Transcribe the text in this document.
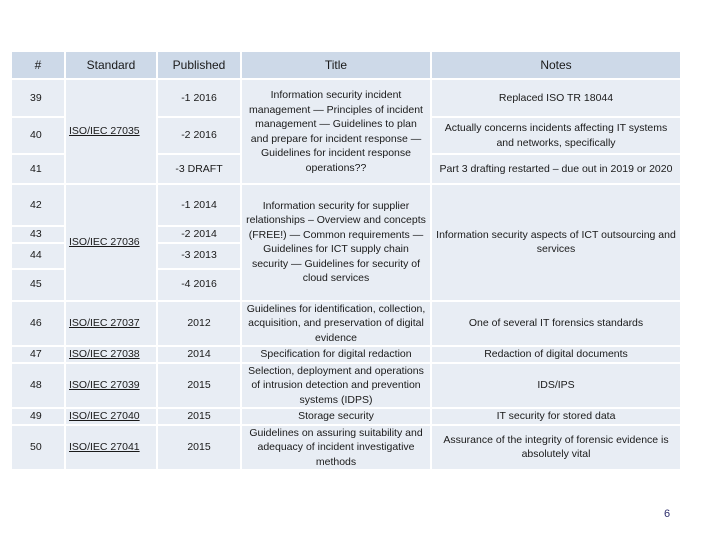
#	Standard	Published	Title	Notes
39	ISO/IEC 27035	-1 2016	Information security incident management — Principles of incident management — Guidelines to plan and prepare for incident response — Guidelines for incident response operations??	Replaced ISO TR 18044
40		-2 2016		Actually concerns incidents affecting IT systems and networks, specifically
41		-3 DRAFT		Part 3 drafting restarted – due out in 2019 or 2020
42	ISO/IEC 27036	-1 2014	Information security for supplier relationships – Overview and concepts (FREE!) — Common requirements — Guidelines for ICT supply chain security — Guidelines for security of cloud services	Information security aspects of ICT outsourcing and services
43		-2 2014		
44		-3 2013		
45		-4 2016		
46	ISO/IEC 27037	2012	Guidelines for identification, collection, acquisition, and preservation of digital evidence	One of several IT forensics standards
47	ISO/IEC 27038	2014	Specification for digital redaction	Redaction of digital documents
48	ISO/IEC 27039	2015	Selection, deployment and operations of intrusion detection and prevention systems (IDPS)	IDS/IPS
49	ISO/IEC 27040	2015	Storage security	IT security for stored data
50	ISO/IEC 27041	2015	Guidelines on assuring suitability and adequacy of incident investigative methods	Assurance of the integrity of forensic evidence is absolutely vital
6
